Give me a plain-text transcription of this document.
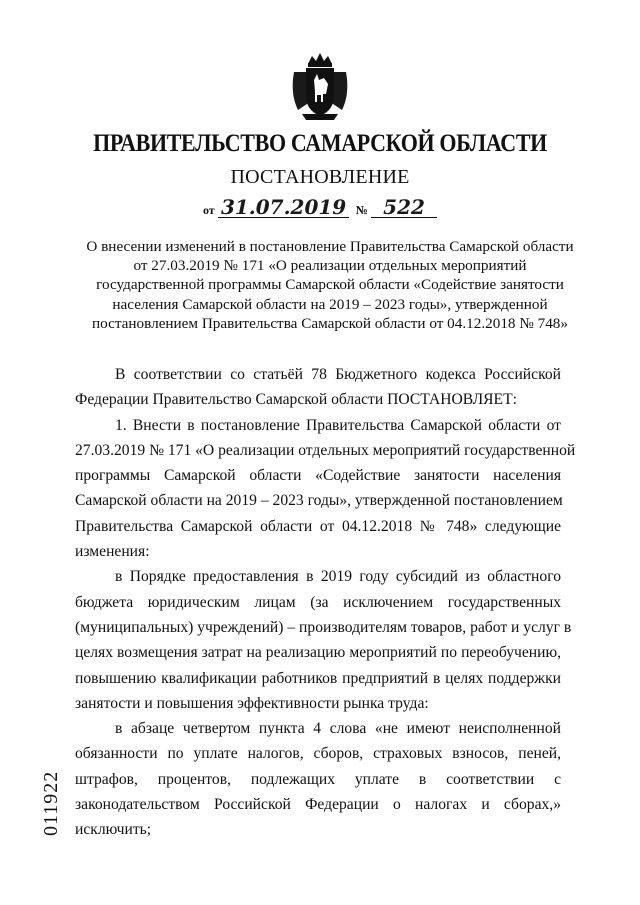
ПРАВИТЕЛЬСТВО САМАРСКОЙ ОБЛАСТИ
ПОСТАНОВЛЕНИЕ
от 31.07.2019 № 522
О внесении изменений в постановление Правительства Самарской области
от 27.03.2019 № 171 «О реализации отдельных мероприятий
государственной программы Самарской области «Содействие занятости
населения Самарской области на 2019 – 2023 годы», утвержденной
постановлением Правительства Самарской области от 04.12.2018 № 748»
В соответствии со статьёй 78 Бюджетного кодекса Российской
Федерации Правительство Самарской области ПОСТАНОВЛЯЕТ:
1. Внести в постановление Правительства Самарской области от
27.03.2019 № 171 «О реализации отдельных мероприятий государственной
программы Самарской области «Содействие занятости населения
Самарской области на 2019 – 2023 годы», утвержденной постановлением
Правительства Самарской области от 04.12.2018 № 748» следующие
изменения:
в Порядке предоставления в 2019 году субсидий из областного
бюджета юридическим лицам (за исключением государственных
(муниципальных) учреждений) – производителям товаров, работ и услуг в
целях возмещения затрат на реализацию мероприятий по переобучению,
повышению квалификации работников предприятий в целях поддержки
занятости и повышения эффективности рынка труда:
в абзаце четвертом пункта 4 слова «не имеют неисполненной
обязанности по уплате налогов, сборов, страховых взносов, пеней,
штрафов, процентов, подлежащих уплате в соответствии с
законодательством Российской Федерации о налогах и сборах,»
исключить;
011922
